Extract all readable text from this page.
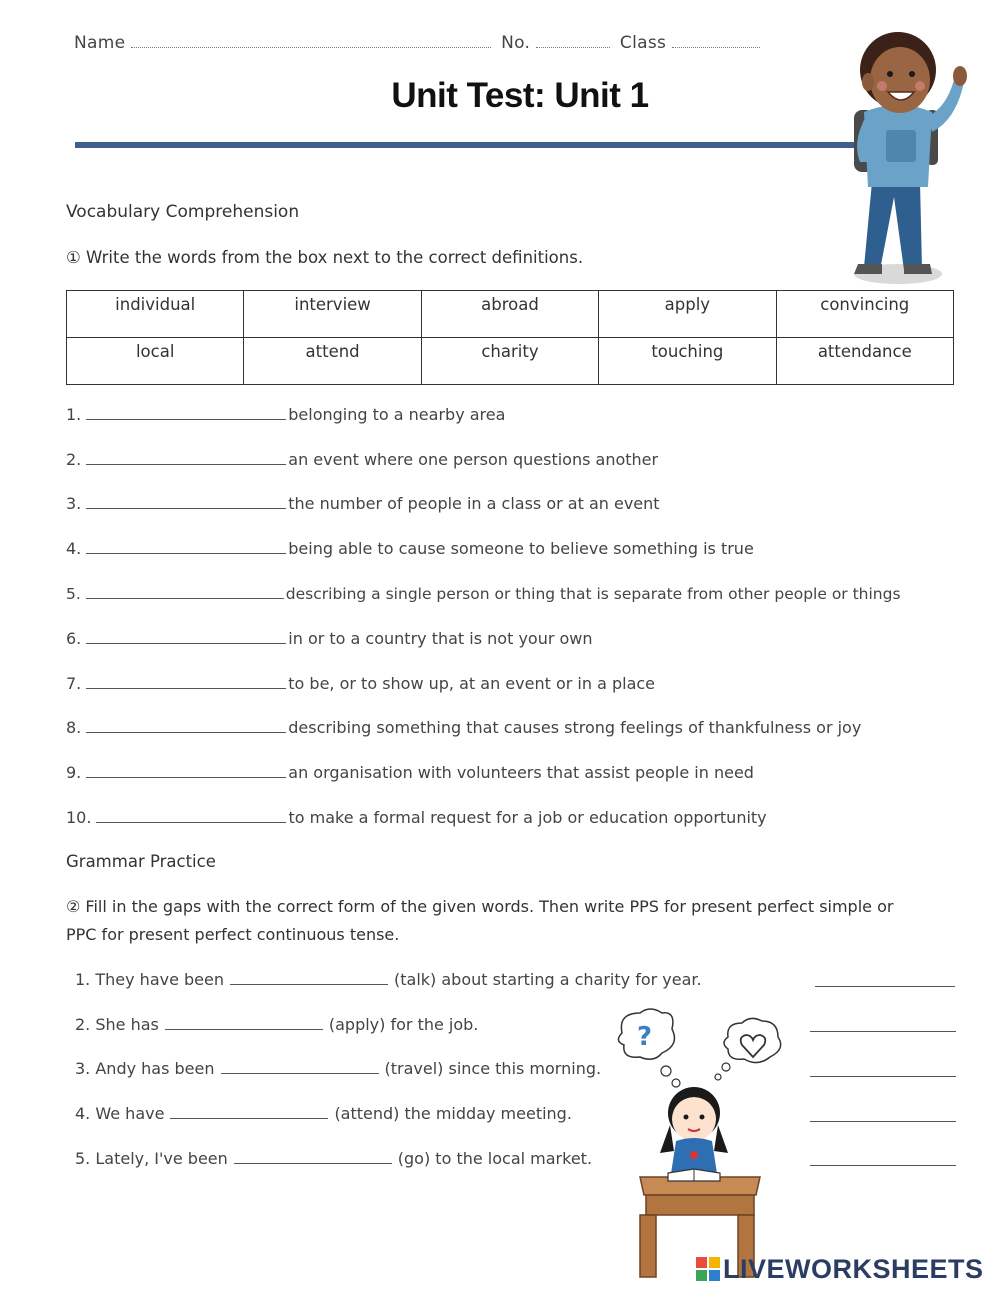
Name	No.	Class
Unit Test: Unit 1
Vocabulary Comprehension
① Write the words from the box next to the correct definitions.
individual	interview	abroad	apply	convincing
local	attend	charity	touching	attendance
1.	belonging to a nearby area
2.	an event where one person questions another
3.	the number of people in a class or at an event
4.	being able to cause someone to believe something is true
5.	describing a single person or thing that is separate from other people or things
6.	in or to a country that is not your own
7.	to be, or to show up, at an event or in a place
8.	describing something that causes strong feelings of thankfulness or joy
9.	an organisation with volunteers that assist people in need
10.	to make a formal request for a job or education opportunity
Grammar Practice
② Fill in the gaps with the correct form of the given words. Then write PPS for present perfect simple or
PPC for present perfect continuous tense.
1. They have been	(talk) about starting a charity for year.
2. She has	(apply) for the job.
3. Andy has been	(travel) since this morning.
4. We have	(attend) the midday meeting.
5. Lately, I've been	(go) to the local market.
?
LIVEWORKSHEETS
